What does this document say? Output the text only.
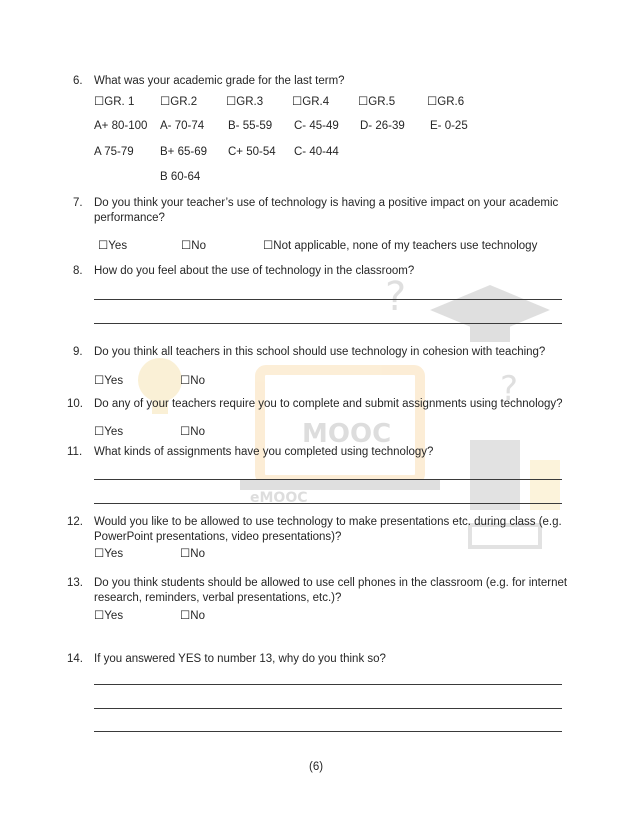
?
?
MOOC
eMOOC
6. What was your academic grade for the last term?
☐GR. 1 ☐GR.2	☐GR.3	☐GR.4	☐GR.5	☐GR.6
A+ 80-100 A- 70-74 B- 55-59 C- 45-49 D- 26-39 E- 0-25
A 75-79 B+ 65-69 C+ 50-54 C- 40-44
B 60-64
7. Do you think your teacher’s use of technology is having a positive impact on your academic
performance?
☐Yes	☐No	☐Not applicable, none of my teachers use technology
8. How do you feel about the use of technology in the classroom?
9. Do you think all teachers in this school should use technology in cohesion with teaching?
☐Yes	☐No
10. Do any of your teachers require you to complete and submit assignments using technology?
☐Yes	☐No
11. What kinds of assignments have you completed using technology?
12. Would you like to be allowed to use technology to make presentations etc. during class (e.g.
PowerPoint presentations, video presentations)?
☐Yes	☐No
13. Do you think students should be allowed to use cell phones in the classroom (e.g. for internet
research, reminders, verbal presentations, etc.)?
☐Yes	☐No
14. If you answered YES to number 13, why do you think so?
(6)
